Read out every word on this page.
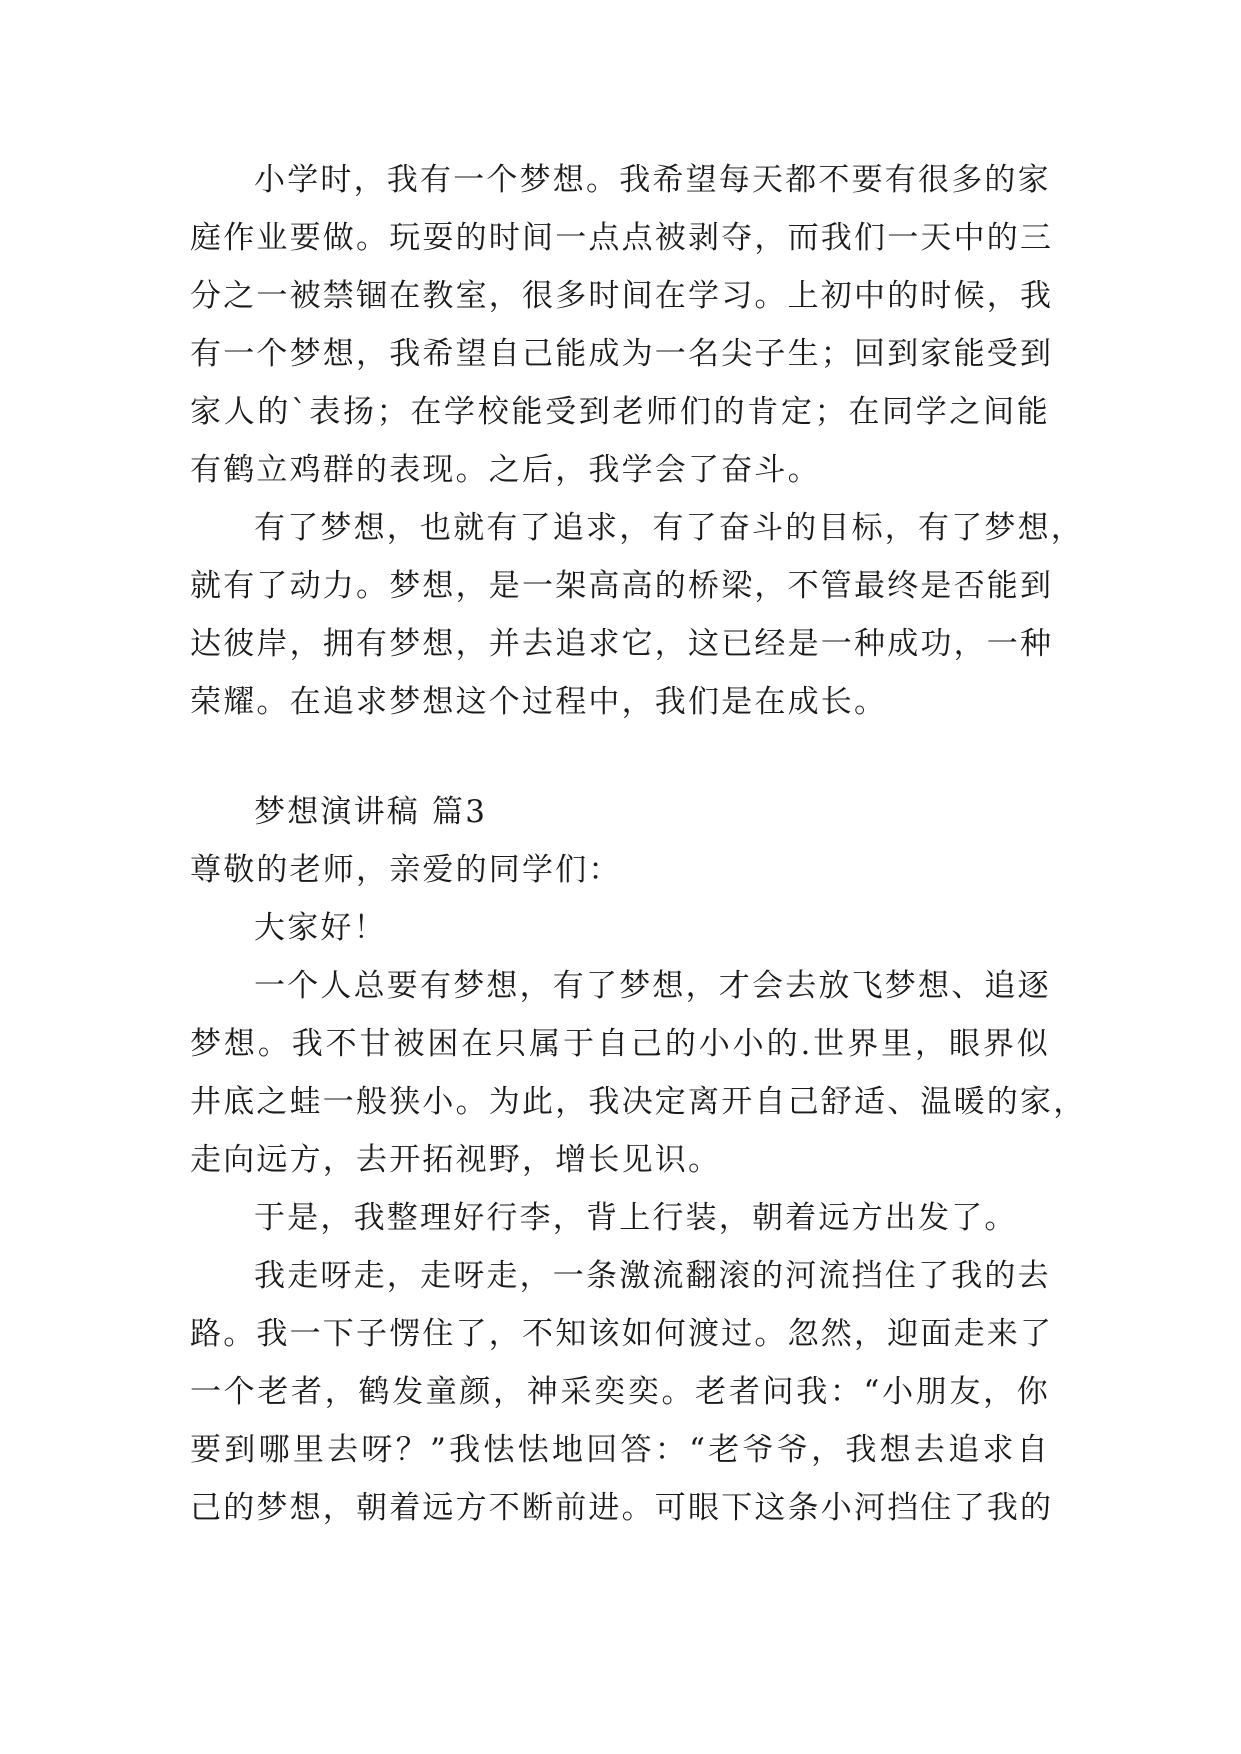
小学时，我有一个梦想。我希望每天都不要有很多的家
庭作业要做。玩耍的时间一点点被剥夺，而我们一天中的三
分之一被禁锢在教室，很多时间在学习。上初中的时候，我
有一个梦想，我希望自己能成为一名尖子生；回到家能受到
家人的`表扬；在学校能受到老师们的肯定；在同学之间能
有鹤立鸡群的表现。之后，我学会了奋斗。
有了梦想，也就有了追求，有了奋斗的目标，有了梦想，
就有了动力。梦想，是一架高高的桥梁，不管最终是否能到
达彼岸，拥有梦想，并去追求它，这已经是一种成功，一种
荣耀。在追求梦想这个过程中，我们是在成长。
梦想演讲稿 篇3
尊敬的老师，亲爱的同学们：
大家好！
一个人总要有梦想，有了梦想，才会去放飞梦想、追逐
梦想。我不甘被困在只属于自己的小小的.世界里，眼界似
井底之蛙一般狭小。为此，我决定离开自己舒适、温暖的家，
走向远方，去开拓视野，增长见识。
于是，我整理好行李，背上行装，朝着远方出发了。
我走呀走，走呀走，一条激流翻滚的河流挡住了我的去
路。我一下子愣住了，不知该如何渡过。忽然，迎面走来了
一个老者，鹤发童颜，神采奕奕。老者问我：“小朋友，你
要到哪里去呀？”我怯怯地回答：“老爷爷，我想去追求自
己的梦想，朝着远方不断前进。可眼下这条小河挡住了我的
